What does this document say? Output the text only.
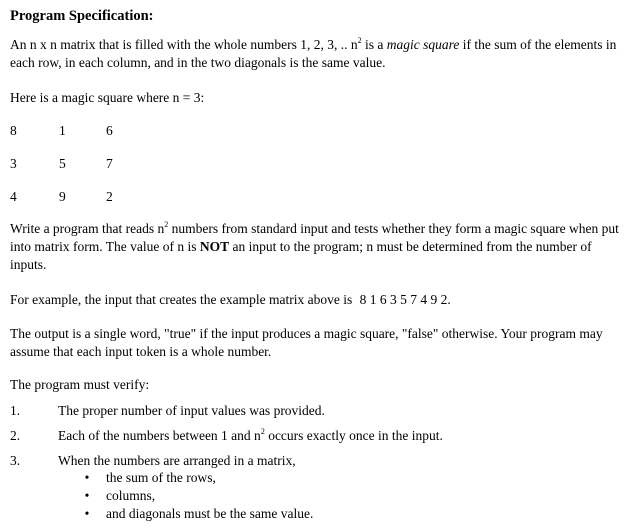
Program Specification:
An n x n matrix that is filled with the whole numbers 1, 2, 3, .. $n^2$ is a magic square if the sum of the elements in each row, in each column, and in the two diagonals is the same value.
Here is a magic square where n = 3:
8	1	6
3	5	7
4	9	2
Write a program that reads $n^2$ numbers from standard input and tests whether they form a magic square when put into matrix form. The value of n is NOT an input to the program; n must be determined from the number of inputs.
For example, the input that creates the example matrix above is 8 1 6 3 5 7 4 9 2.
The output is a single word, "true" if the input produces a magic square, "false" otherwise. Your program may assume that each input token is a whole number.
The program must verify:
1.	The proper number of input values was provided.
2.	Each of the numbers between 1 and $n^2$ occurs exactly once in the input.
3.	When the numbers are arranged in a matrix,
• the sum of the rows,
• columns,
• and diagonals must be the same value.
